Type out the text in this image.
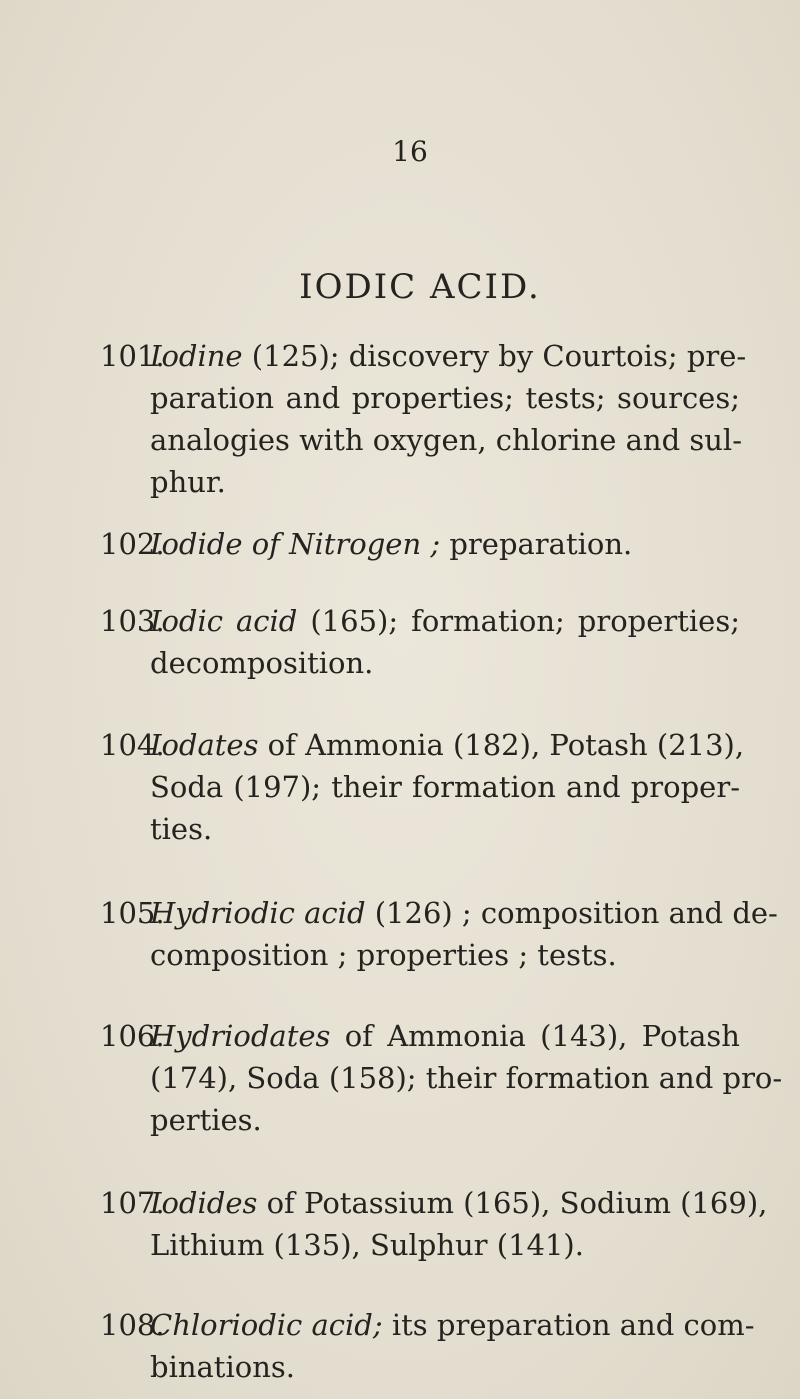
16
IODIC ACID.
101.
Iodine (125); discovery by Courtois; pre-
paration and properties; tests; sources;
analogies with oxygen, chlorine and sul-
phur.
102.
Iodide of Nitrogen ; preparation.
103.
Iodic acid (165); formation; properties;
decomposition.
104.
Iodates of Ammonia (182), Potash (213),
Soda (197); their formation and proper-
ties.
105.
Hydriodic acid (126) ; composition and de-
composition ; properties ; tests.
106.
Hydriodates of Ammonia (143), Potash
(174), Soda (158); their formation and pro-
perties.
107.
Iodides of Potassium (165), Sodium (169),
Lithium (135), Sulphur (141).
108.
Chloriodic acid; its preparation and com-
binations.
